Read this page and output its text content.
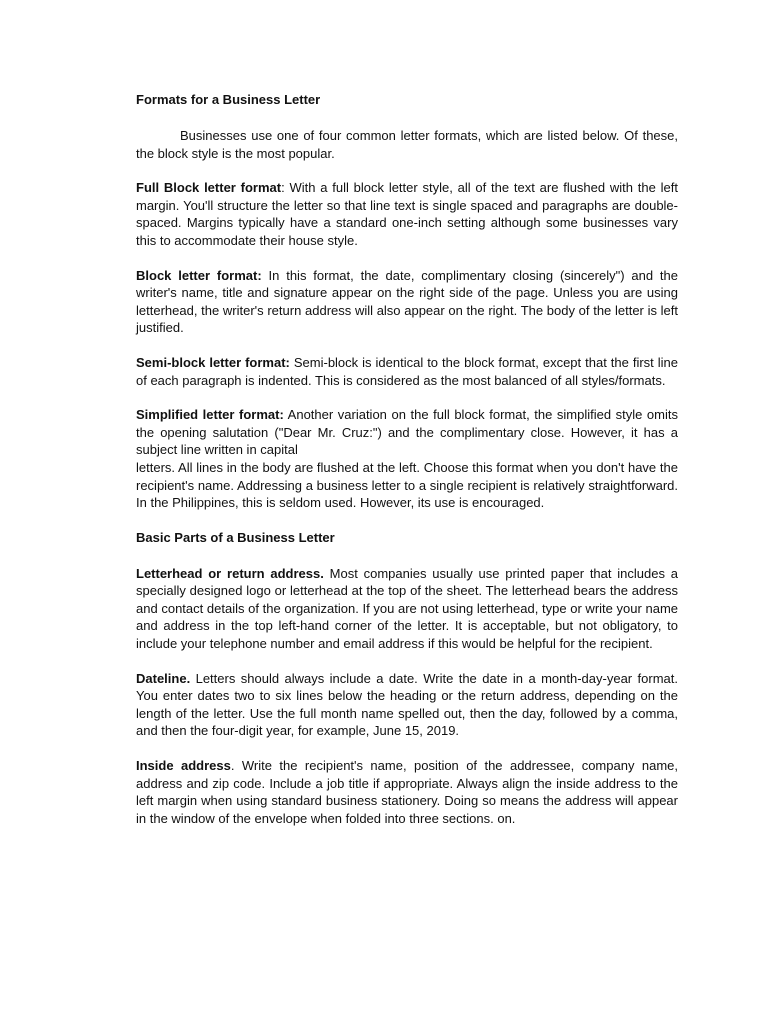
Formats for a Business Letter

Businesses use one of four common letter formats, which are listed below. Of these, the block style is the most popular.

Full Block letter format: With a full block letter style, all of the text are flushed with the left margin. You'll structure the letter so that line text is single spaced and paragraphs are double-spaced. Margins typically have a standard one-inch setting although some businesses vary this to accommodate their house style.

Block letter format: In this format, the date, complimentary closing (sincerely") and the writer's name, title and signature appear on the right side of the page. Unless you are using letterhead, the writer's return address will also appear on the right. The body of the letter is left justified.

Semi-block letter format: Semi-block is identical to the block format, except that the first line of each paragraph is indented. This is considered as the most balanced of all styles/formats.

Simplified letter format: Another variation on the full block format, the simplified style omits the opening salutation ("Dear Mr. Cruz:") and the complimentary close. However, it has a subject line written in capital

letters. All lines in the body are flushed at the left. Choose this format when you don't have the recipient's name. Addressing a business letter to a single recipient is relatively straightforward. In the Philippines, this is seldom used. However, its use is encouraged.

Basic Parts of a Business Letter

Letterhead or return address. Most companies usually use printed paper that includes a specially designed logo or letterhead at the top of the sheet. The letterhead bears the address and contact details of the organization. If you are not using letterhead, type or write your name and address in the top left-hand corner of the letter. It is acceptable, but not obligatory, to include your telephone number and email address if this would be helpful for the recipient.

Dateline. Letters should always include a date. Write the date in a month-day-year format. You enter dates two to six lines below the heading or the return address, depending on the length of the letter. Use the full month name spelled out, then the day, followed by a comma, and then the four-digit year, for example, June 15, 2019.

Inside address. Write the recipient's name, position of the addressee, company name, address and zip code. Include a job title if appropriate. Always align the inside address to the left margin when using standard business stationery. Doing so means the address will appear in the window of the envelope when folded into three sections. on.
